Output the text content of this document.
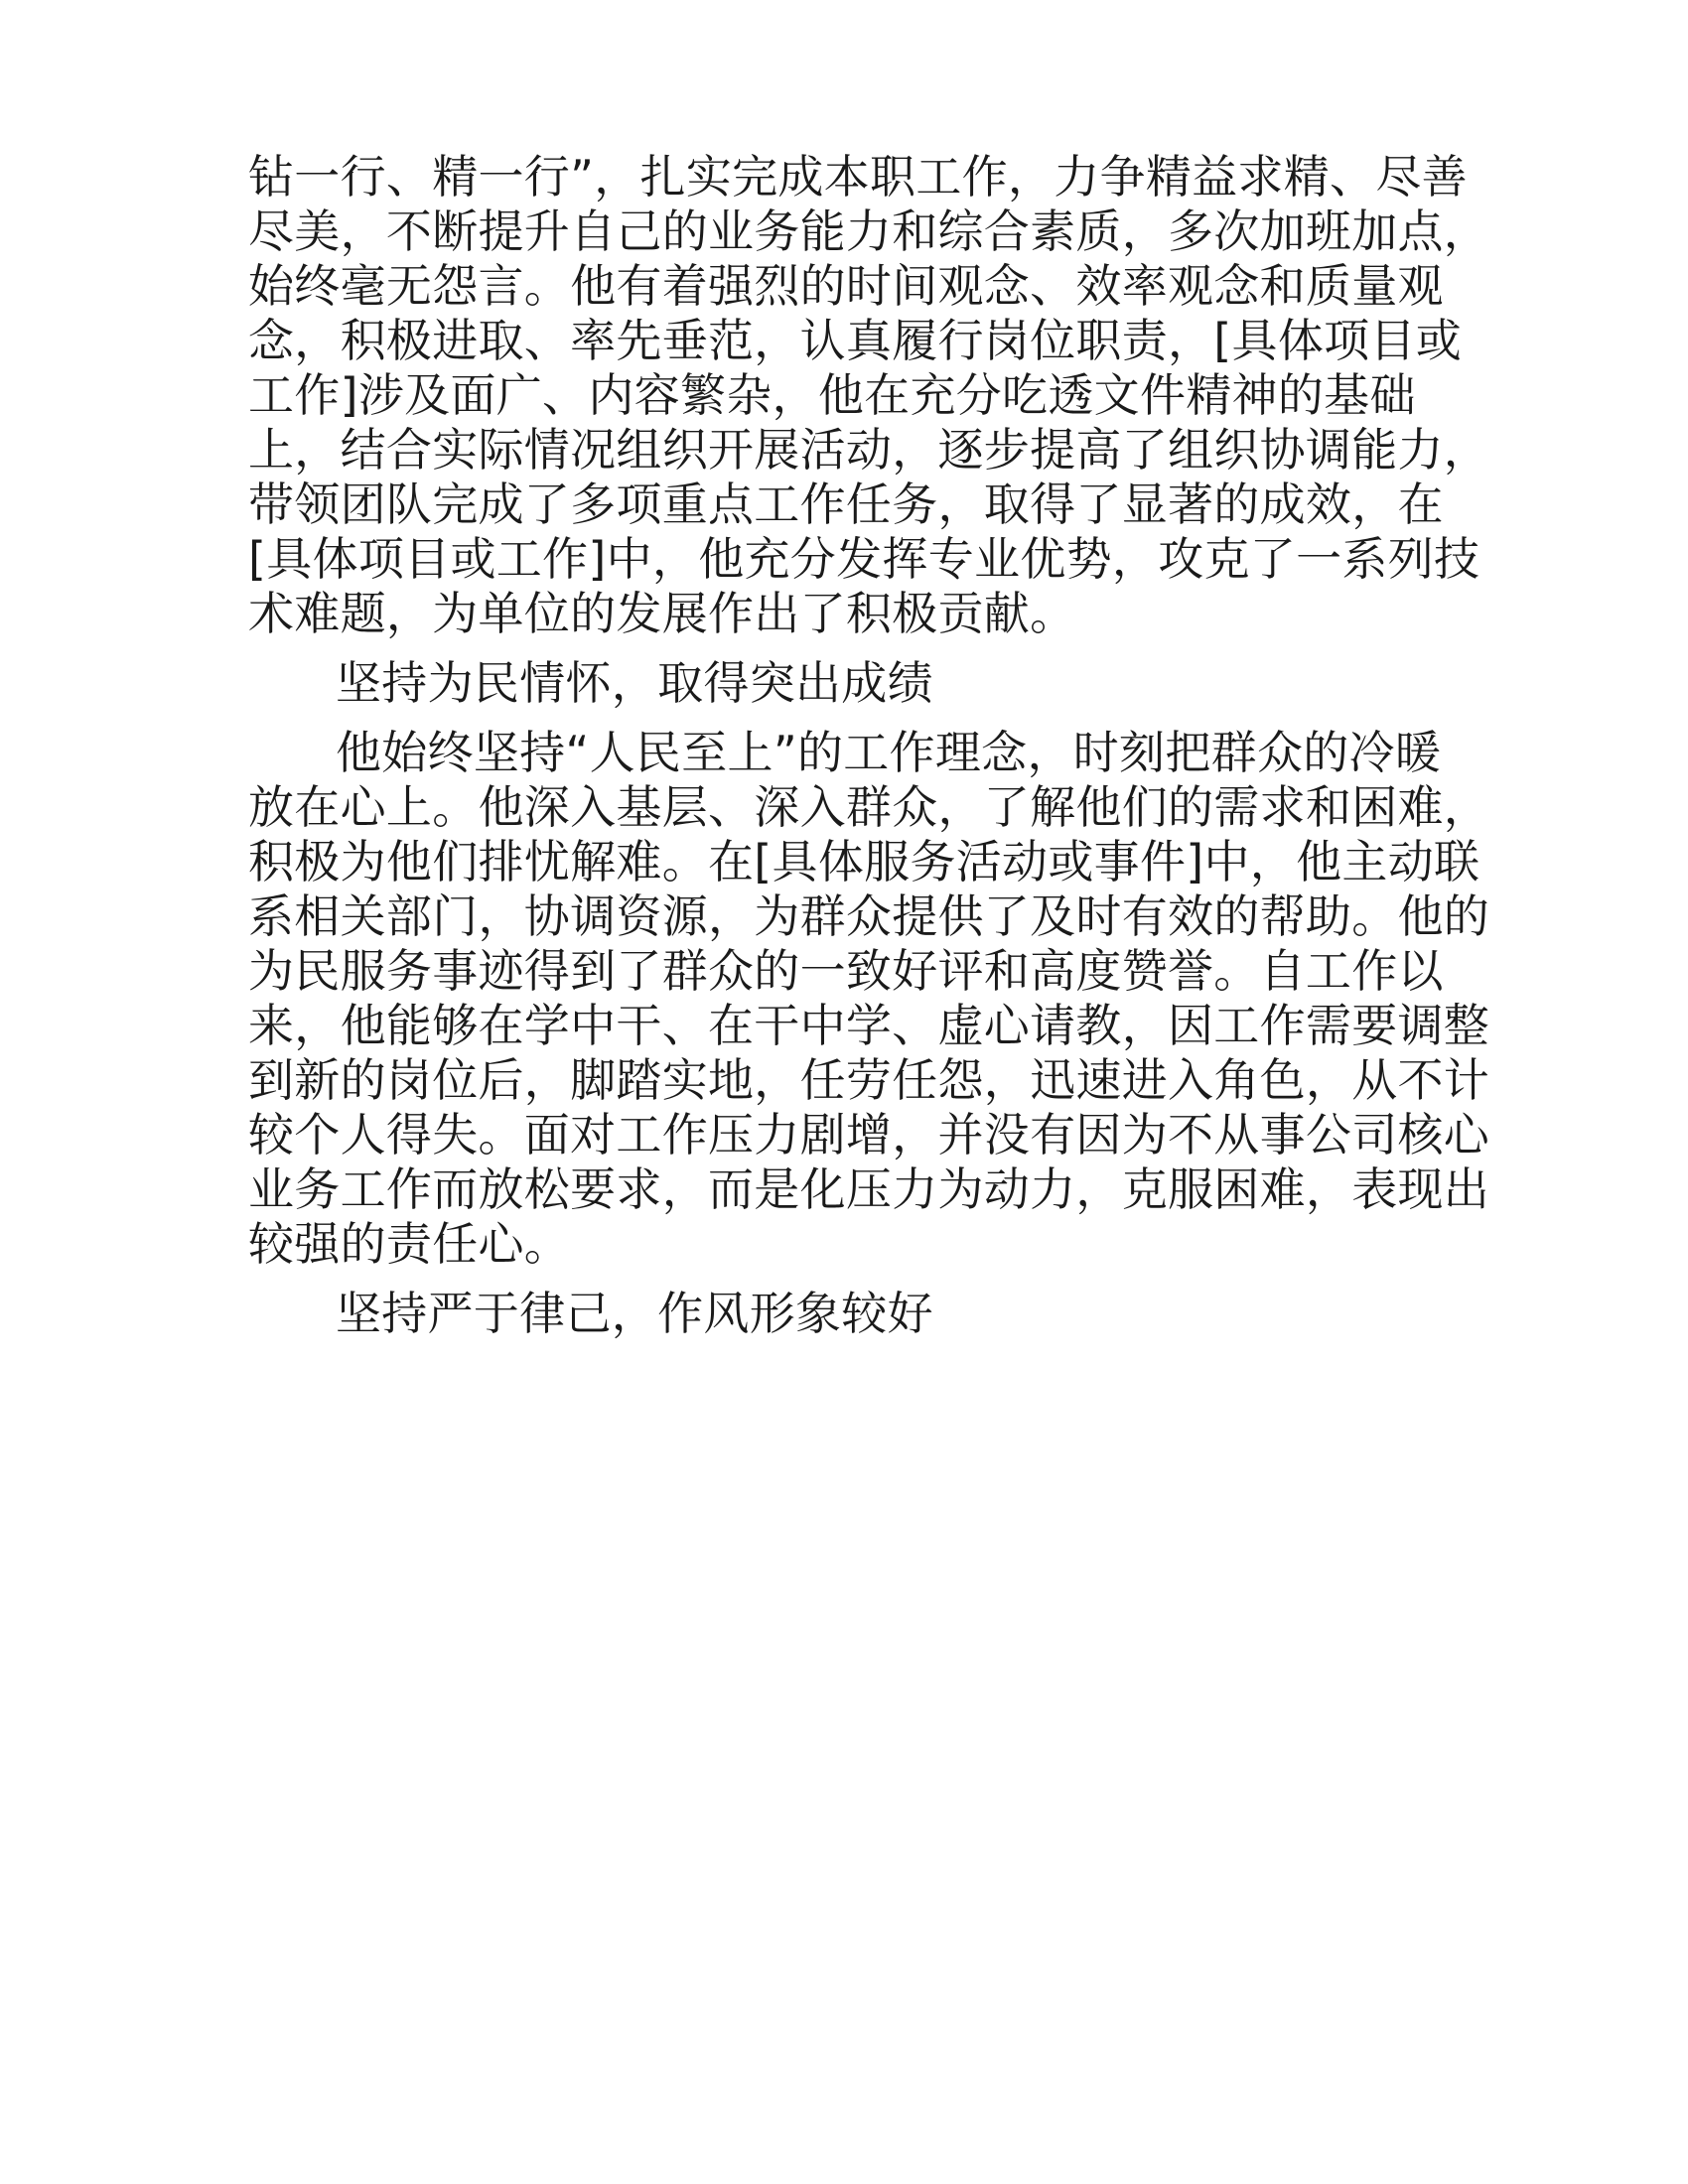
钻一行、精一行”，扎实完成本职工作，力争精益求精、尽善
尽美，不断提升自己的业务能力和综合素质，多次加班加点，
始终毫无怨言。他有着强烈的时间观念、效率观念和质量观
念，积极进取、率先垂范，认真履行岗位职责，[具体项目或
工作]涉及面广、内容繁杂，他在充分吃透文件精神的基础
上，结合实际情况组织开展活动，逐步提高了组织协调能力，
带领团队完成了多项重点工作任务，取得了显著的成效，在
[具体项目或工作]中，他充分发挥专业优势，攻克了一系列技
术难题，为单位的发展作出了积极贡献。
坚持为民情怀，取得突出成绩
他始终坚持“人民至上”的工作理念，时刻把群众的冷暖
放在心上。他深入基层、深入群众，了解他们的需求和困难，
积极为他们排忧解难。在[具体服务活动或事件]中，他主动联
系相关部门，协调资源，为群众提供了及时有效的帮助。他的
为民服务事迹得到了群众的一致好评和高度赞誉。自工作以
来，他能够在学中干、在干中学、虚心请教，因工作需要调整
到新的岗位后，脚踏实地，任劳任怨，迅速进入角色，从不计
较个人得失。面对工作压力剧增，并没有因为不从事公司核心
业务工作而放松要求，而是化压力为动力，克服困难，表现出
较强的责任心。
坚持严于律己，作风形象较好
